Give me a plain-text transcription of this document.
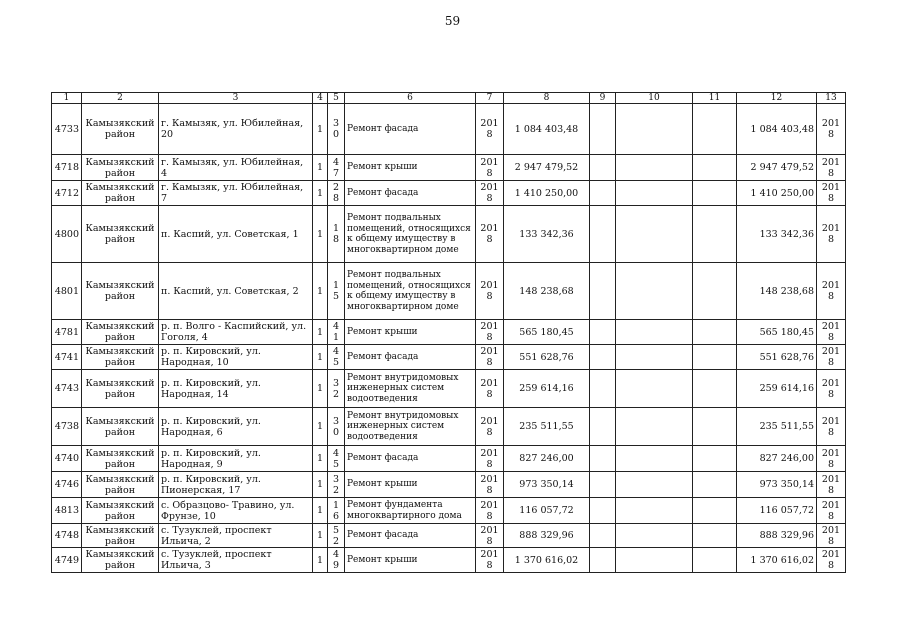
59
1	2	3	4	5	6	7	8	9	10	11	12	13
4733	Камызякский район	г. Камызяк, ул. Юбилейная, 20	1	30	Ремонт фасада	2018	1 084 403,48				1 084 403,48	2018
4718	Камызякский район	г. Камызяк, ул. Юбилейная, 4	1	47	Ремонт крыши	2018	2 947 479,52				2 947 479,52	2018
4712	Камызякский район	г. Камызяк, ул. Юбилейная, 7	1	28	Ремонт фасада	2018	1 410 250,00				1 410 250,00	2018
4800	Камызякский район	п. Каспий, ул. Советская, 1	1	18	Ремонт подвальных помещений, относящихся к общему имуществу в многоквартирном доме	2018	133 342,36				133 342,36	2018
4801	Камызякский район	п. Каспий, ул. Советская, 2	1	15	Ремонт подвальных помещений, относящихся к общему имуществу в многоквартирном доме	2018	148 238,68				148 238,68	2018
4781	Камызякский район	р. п. Волго - Каспийский, ул. Гоголя, 4	1	41	Ремонт крыши	2018	565 180,45				565 180,45	2018
4741	Камызякский район	р. п. Кировский, ул. Народная, 10	1	45	Ремонт фасада	2018	551 628,76				551 628,76	2018
4743	Камызякский район	р. п. Кировский, ул. Народная, 14	1	32	Ремонт внутридомовых инженерных систем водоотведения	2018	259 614,16				259 614,16	2018
4738	Камызякский район	р. п. Кировский, ул. Народная, 6	1	30	Ремонт внутридомовых инженерных систем водоотведения	2018	235 511,55				235 511,55	2018
4740	Камызякский район	р. п. Кировский, ул. Народная, 9	1	45	Ремонт фасада	2018	827 246,00				827 246,00	2018
4746	Камызякский район	р. п. Кировский, ул. Пионерская, 17	1	32	Ремонт крыши	2018	973 350,14				973 350,14	2018
4813	Камызякский район	с. Образцово- Травино, ул. Фрунзе, 10	1	16	Ремонт фундамента многоквартирного дома	2018	116 057,72				116 057,72	2018
4748	Камызякский район	с. Тузуклей, проспект Ильича, 2	1	52	Ремонт фасада	2018	888 329,96				888 329,96	2018
4749	Камызякский район	с. Тузуклей, проспект Ильича, 3	1	49	Ремонт крыши	2018	1 370 616,02				1 370 616,02	2018
